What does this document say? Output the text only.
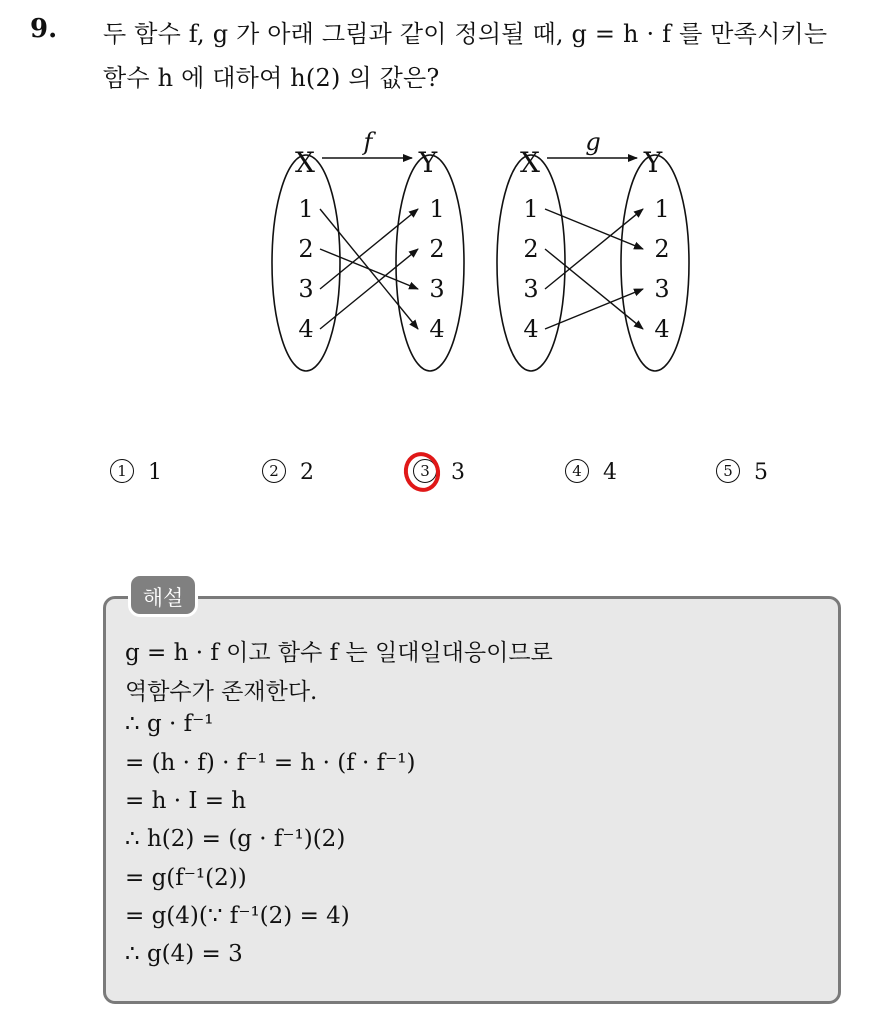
9. 두 함수 f, g 가 아래 그림과 같이 정의될 때, g = h · f 를 만족시키는
함수 h 에 대하여 h(2) 의 값은?
X	Y
f
1
2
3
4
1
2
3
4
X	Y
g
1
2
3
4
1
2
3
4
1 1	2 2	3 3	4 4	5 5
해설
g = h · f 이고 함수 f 는 일대일대응이므로
역함수가 존재한다.
∴ g · f⁻¹
= (h · f) · f⁻¹ = h · (f · f⁻¹)
= h · I = h
∴ h(2) = (g · f⁻¹)(2)
= g(f⁻¹(2))
= g(4)(∵ f⁻¹(2) = 4)
∴ g(4) = 3
